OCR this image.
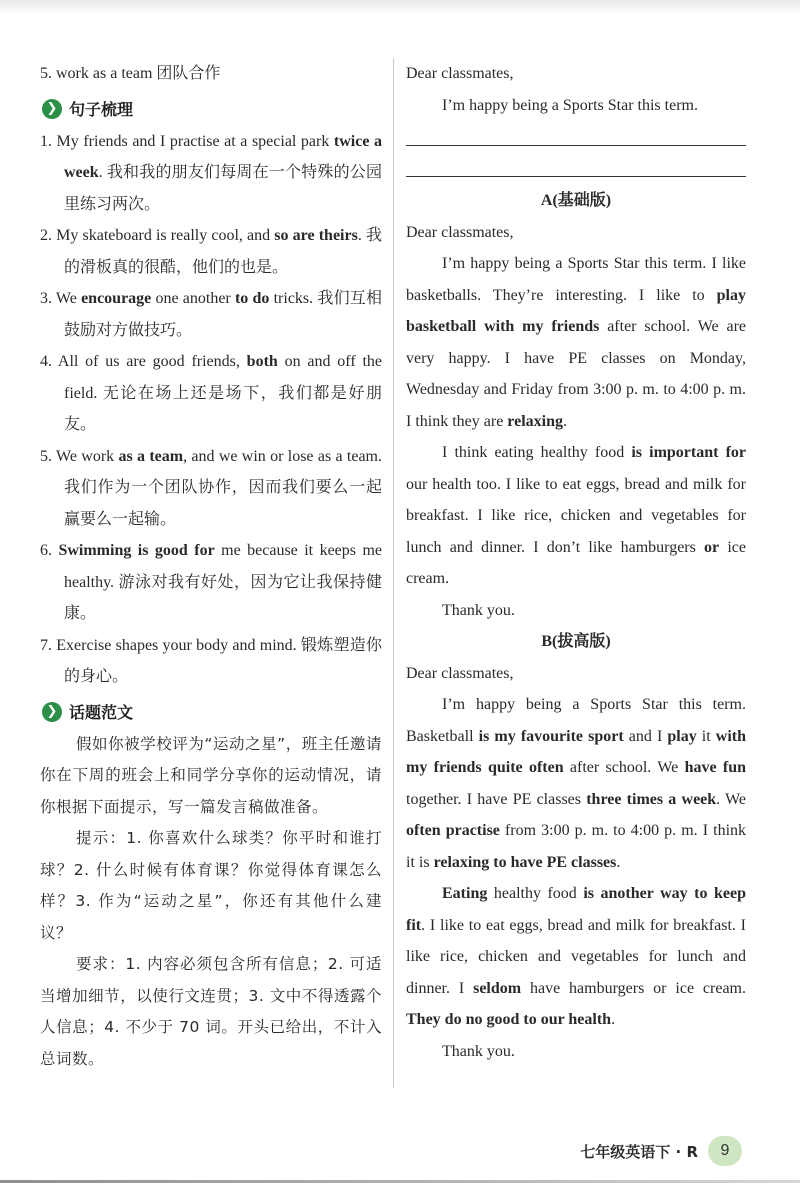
5. work as a team 团队合作

❯ 句子梳理

1. My friends and I practise at a special park twice a week. 我和我的朋友们每周在一个特殊的公园里练习两次。

2. My skateboard is really cool, and so are theirs. 我的滑板真的很酷，他们的也是。

3. We encourage one another to do tricks. 我们互相鼓励对方做技巧。

4. All of us are good friends, both on and off the field. 无论在场上还是场下，我们都是好朋友。

5. We work as a team, and we win or lose as a team. 我们作为一个团队协作，因而我们要么一起赢要么一起输。

6. Swimming is good for me because it keeps me healthy. 游泳对我有好处，因为它让我保持健康。

7. Exercise shapes your body and mind. 锻炼塑造你的身心。

❯ 话题范文

假如你被学校评为“运动之星”，班主任邀请你在下周的班会上和同学分享你的运动情况，请你根据下面提示，写一篇发言稿做准备。

提示：1. 你喜欢什么球类？你平时和谁打球？2. 什么时候有体育课？你觉得体育课怎么样？3. 作为“运动之星”，你还有其他什么建议？

要求：1. 内容必须包含所有信息；2. 可适当增加细节，以使行文连贯；3. 文中不得透露个人信息；4. 不少于 70 词。开头已给出，不计入总词数。

Dear classmates,

I’m happy being a Sports Star this term.

A(基础版)

Dear classmates,

I’m happy being a Sports Star this term. I like basketballs. They’re interesting. I like to play basketball with my friends after school. We are very happy. I have PE classes on Monday, Wednesday and Friday from 3:00 p. m. to 4:00 p. m. I think they are relaxing.

I think eating healthy food is important for our health too. I like to eat eggs, bread and milk for breakfast. I like rice, chicken and vegetables for lunch and dinner. I don’t like hamburgers or ice cream.

Thank you.

B(拔高版)

Dear classmates,

I’m happy being a Sports Star this term. Basketball is my favourite sport and I play it with my friends quite often after school. We have fun together. I have PE classes three times a week. We often practise from 3:00 p. m. to 4:00 p. m. I think it is relaxing to have PE classes.

Eating healthy food is another way to keep fit. I like to eat eggs, bread and milk for breakfast. I like rice, chicken and vegetables for lunch and dinner. I seldom have hamburgers or ice cream. They do no good to our health.

Thank you.

七年级英语下 · R	9
